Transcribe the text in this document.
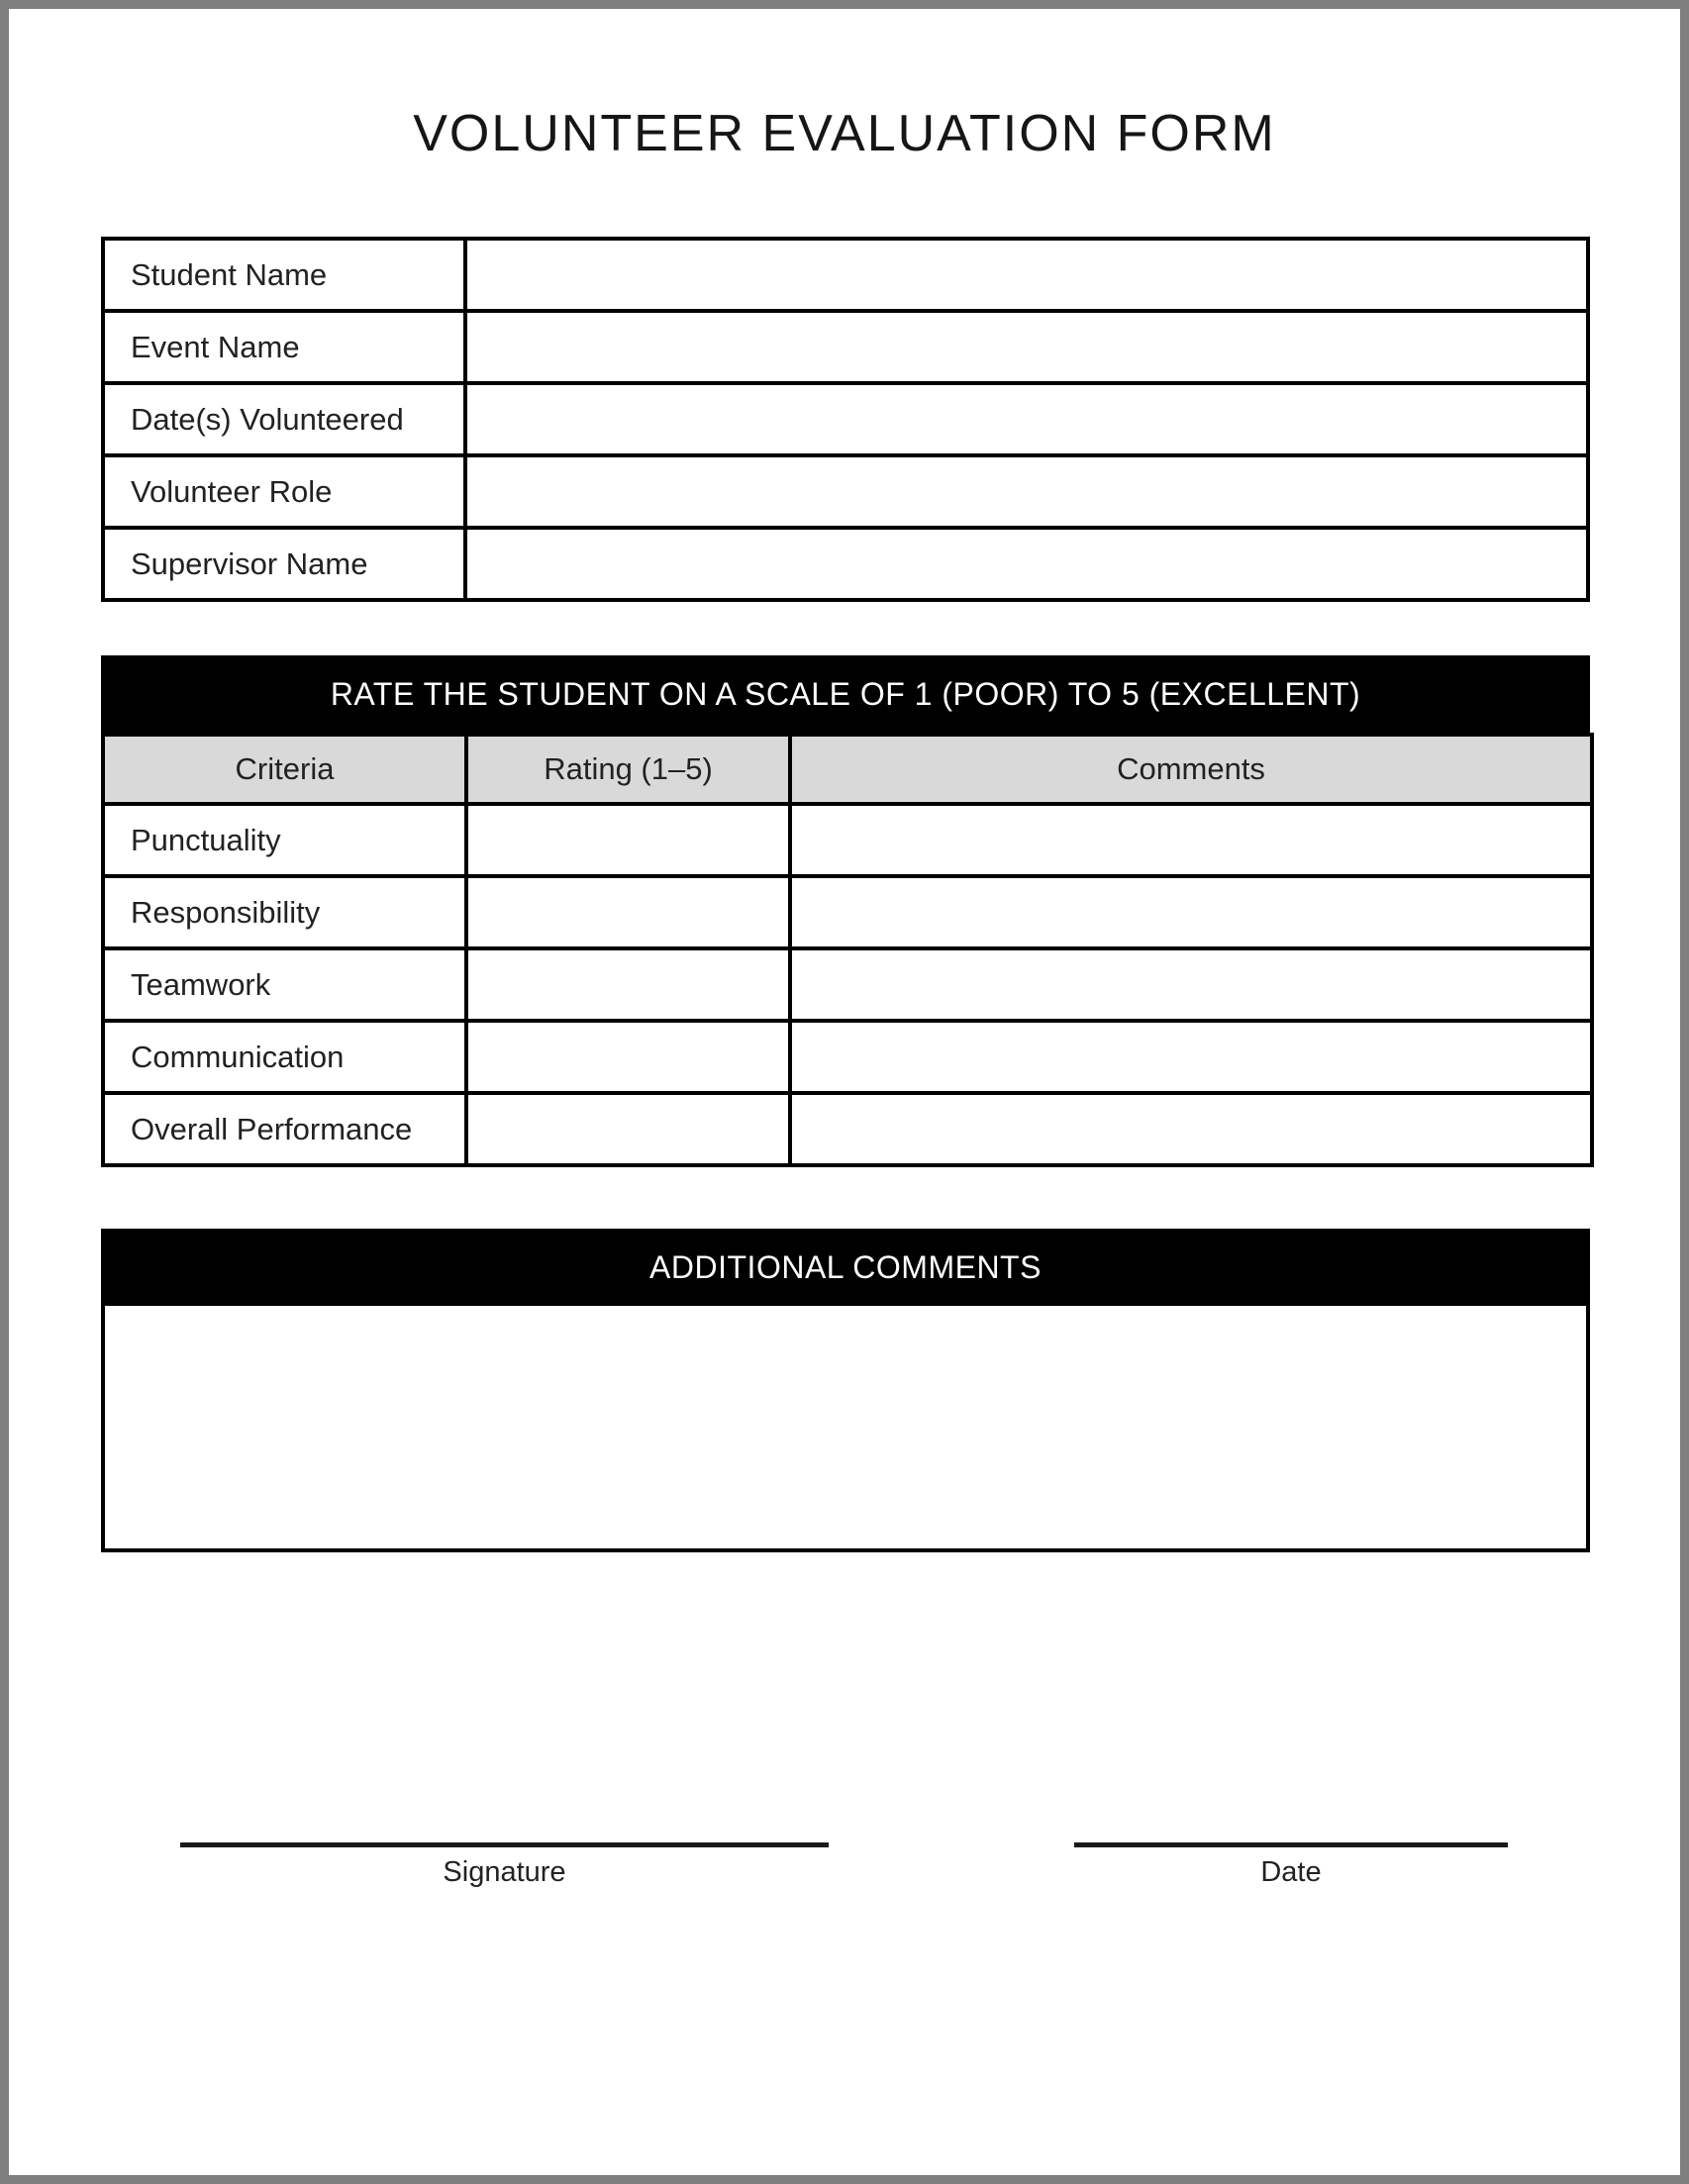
VOLUNTEER EVALUATION FORM
Student Name	
Event Name	
Date(s) Volunteered	
Volunteer Role	
Supervisor Name	
RATE THE STUDENT ON A SCALE OF 1 (POOR) TO 5 (EXCELLENT)
Criteria	Rating (1–5)	Comments
Punctuality		
Responsibility		
Teamwork		
Communication		
Overall Performance		
ADDITIONAL COMMENTS
Signature	Date
